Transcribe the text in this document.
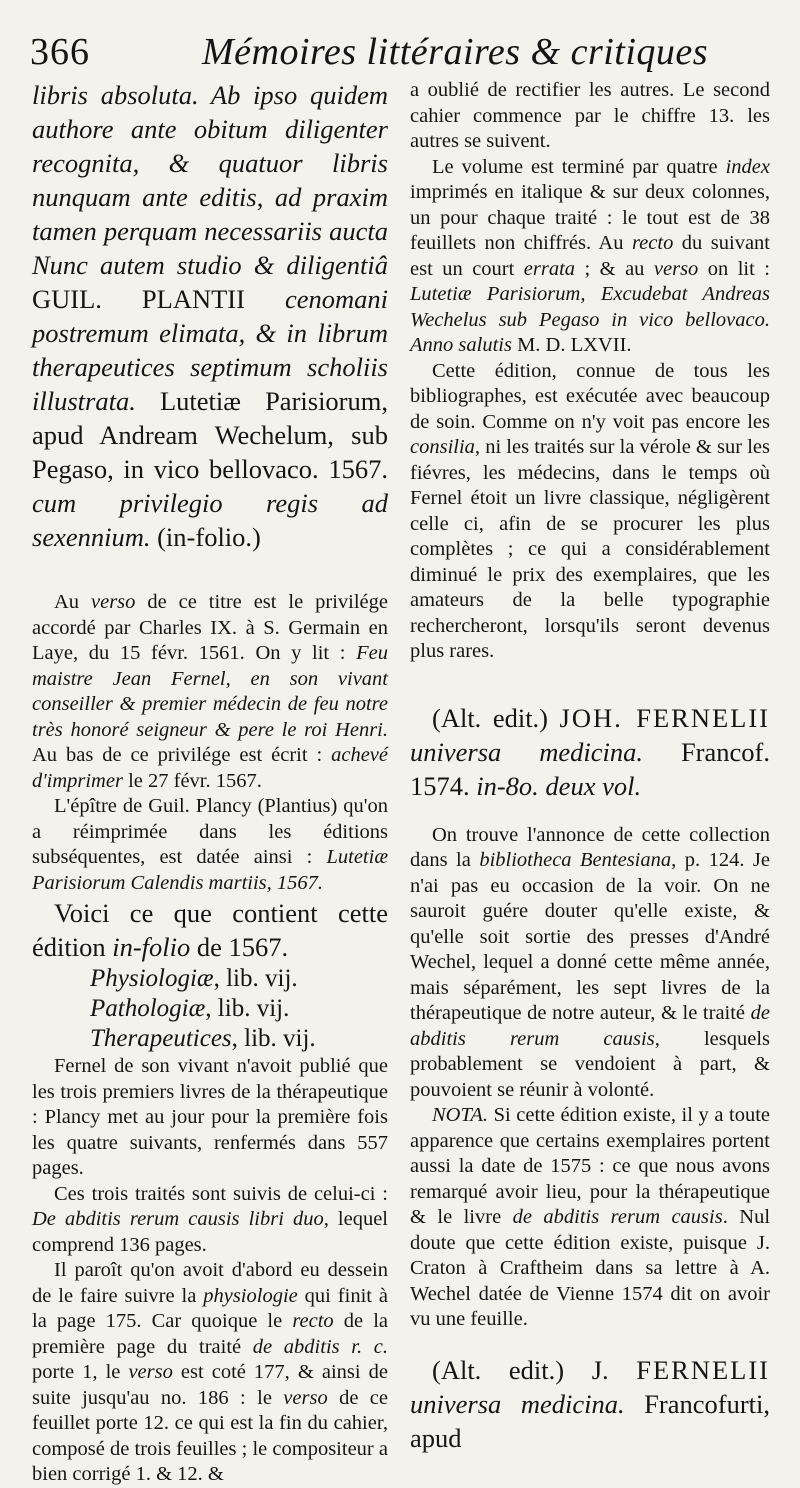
366	Mémoires littéraires & critiques

libris absoluta. Ab ipso quidem authore ante obitum diligenter recognita, & quatuor libris nunquam ante editis, ad praxim tamen perquam necessariis aucta Nunc autem studio & diligentiâ GUIL. PLANTII cenomani postremum elimata, & in librum therapeutices septimum scholiis illustrata. Lutetiæ Parisiorum, apud Andream Wechelum, sub Pegaso, in vico bellovaco. 1567. cum privilegio regis ad sexennium. (in-folio.)

Au verso de ce titre est le privilége accordé par Charles IX. à S. Germain en Laye, du 15 févr. 1561. On y lit : Feu maistre Jean Fernel, en son vivant conseiller & premier médecin de feu notre très honoré seigneur & pere le roi Henri. Au bas de ce privilége est écrit : achevé d'imprimer le 27 févr. 1567.

L'épître de Guil. Plancy (Plantius) qu'on a réimprimée dans les éditions subséquentes, est datée ainsi : Lutetiæ Parisiorum Calendis martiis, 1567.

Voici ce que contient cette édition in-folio de 1567.

Physiologiæ, lib. vij.
Pathologiæ, lib. vij.
Therapeutices, lib. vij.

Fernel de son vivant n'avoit publié que les trois premiers livres de la thérapeutique : Plancy met au jour pour la première fois les quatre suivants, renfermés dans 557 pages.

Ces trois traités sont suivis de celui-ci : De abditis rerum causis libri duo, lequel comprend 136 pages.

Il paroît qu'on avoit d'abord eu dessein de le faire suivre la physiologie qui finit à la page 175. Car quoique le recto de la première page du traité de abditis r. c. porte 1, le verso est coté 177, & ainsi de suite jusqu'au no. 186 : le verso de ce feuillet porte 12. ce qui est la fin du cahier, composé de trois feuilles ; le compositeur a bien corrigé 1. & 12. &

a oublié de rectifier les autres. Le second cahier commence par le chiffre 13. les autres se suivent.

Le volume est terminé par quatre index imprimés en italique & sur deux colonnes, un pour chaque traité : le tout est de 38 feuillets non chiffrés. Au recto du suivant est un court errata ; & au verso on lit : Lutetiæ Parisiorum, Excudebat Andreas Wechelus sub Pegaso in vico bellovaco. Anno salutis M. D. LXVII.

Cette édition, connue de tous les bibliographes, est exécutée avec beaucoup de soin. Comme on n'y voit pas encore les consilia, ni les traités sur la vérole & sur les fiévres, les médecins, dans le temps où Fernel étoit un livre classique, négligèrent celle ci, afin de se procurer les plus complètes ; ce qui a considérablement diminué le prix des exemplaires, que les amateurs de la belle typographie rechercheront, lorsqu'ils seront devenus plus rares.

(Alt. edit.) JOH. FERNELII universa medicina. Francof. 1574. in-8o. deux vol.

On trouve l'annonce de cette collection dans la bibliotheca Bentesiana, p. 124. Je n'ai pas eu occasion de la voir. On ne sauroit guére douter qu'elle existe, & qu'elle soit sortie des presses d'André Wechel, lequel a donné cette même année, mais séparément, les sept livres de la thérapeutique de notre auteur, & le traité de abditis rerum causis, lesquels probablement se vendoient à part, & pouvoient se réunir à volonté.

NOTA. Si cette édition existe, il y a toute apparence que certains exemplaires portent aussi la date de 1575 : ce que nous avons remarqué avoir lieu, pour la thérapeutique & le livre de abditis rerum causis. Nul doute que cette édition existe, puisque J. Craton à Craftheim dans sa lettre à A. Wechel datée de Vienne 1574 dit on avoir vu une feuille.

(Alt. edit.) J. FERNELII universa medicina. Francofurti, apud
